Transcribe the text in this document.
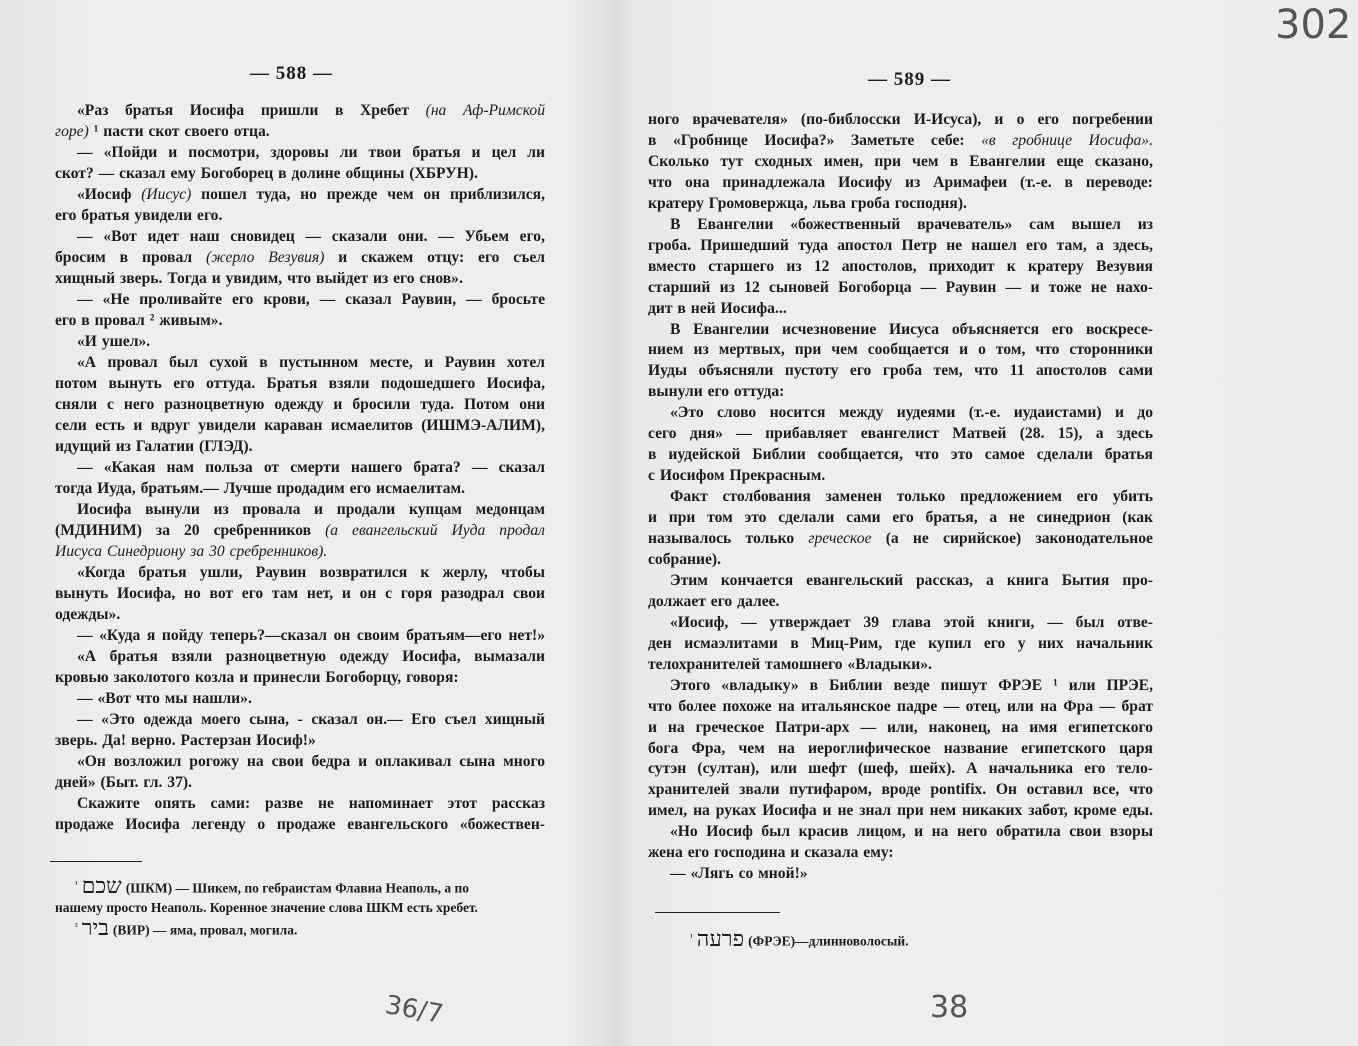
— 588 —	— 589 —
302
36/7	38
«Раз братья Иосифа пришли в Хребет (на Аф-Римской
горе) ¹ пасти скот своего отца.
— «Пойди и посмотри, здоровы ли твои братья и цел ли
скот? — сказал ему Богоборец в долине общины (ХБРУН).
«Иосиф (Иисус) пошел туда, но прежде чем он приблизился,
его братья увидели его.
— «Вот идет наш сновидец — сказали они. — Убьем его,
бросим в провал (жерло Везувия) и скажем отцу: его съел
хищный зверь. Тогда и увидим, что выйдет из его снов».
— «Не проливайте его крови, — сказал Раувин, — бросьте
его в провал ² живым».
«И ушел».
«А провал был сухой в пустынном месте, и Раувин хотел
потом вынуть его оттуда. Братья взяли подошедшего Иосифа,
сняли с него разноцветную одежду и бросили туда. Потом они
сели есть и вдруг увидели караван исмаелитов (ИШМЭ-АЛИМ),
идущий из Галатии (ГЛЭД).
— «Какая нам польза от смерти нашего брата? — сказал
тогда Иуда, братьям.— Лучше продадим его исмаелитам.
Иосифа вынули из провала и продали купцам медонцам
(МДИНИМ) за 20 сребренников (а евангельский Иуда продал
Иисуса Синедриону за 30 сребренников).
«Когда братья ушли, Раувин возвратился к жерлу, чтобы
вынуть Иосифа, но вот его там нет, и он с горя разодрал свои
одежды».
— «Куда я пойду теперь?—сказал он своим братьям—его нет!»
«А братья взяли разноцветную одежду Иосифа, вымазали
кровью заколотого козла и принесли Богоборцу, говоря:
— «Вот что мы нашли».
— «Это одежда моего сына, - сказал он.— Его съел хищный
зверь. Да! верно. Растерзан Иосиф!»
«Он возложил рогожу на свои бедра и оплакивал сына много
дней» (Быт. гл. 37).
Скажите опять сами: разве не напоминает этот рассказ
продаже Иосифа легенду о продаже евангельского «божествен-
ного врачевателя» (по-библосски И-Исуса), и о его погребении
в «Гробнице Иосифа?» Заметьте себе: «в гробнице Иосифа».
Сколько тут сходных имен, при чем в Евангелии еще сказано,
что она принадлежала Иосифу из Аримафеи (т.-е. в переводе:
кратеру Громовержца, льва гроба господня).
В Евангелии «божественный врачеватель» сам вышел из
гроба. Пришедший туда апостол Петр не нашел его там, а здесь,
вместо старшего из 12 апостолов, приходит к кратеру Везувия
старший из 12 сыновей Богоборца — Раувин — и тоже не нахо-
дит в ней Иосифа...
В Евангелии исчезновение Иисуса объясняется его воскресе-
нием из мертвых, при чем сообщается и о том, что сторонники
Иуды объясняли пустоту его гроба тем, что 11 апостолов сами
вынули его оттуда:
«Это слово носится между иудеями (т.-е. иудаистами) и до
сего дня» — прибавляет евангелист Матвей (28. 15), а здесь
в иудейской Библии сообщается, что это самое сделали братья
с Иосифом Прекрасным.
Факт столбования заменен только предложением его убить
и при том это сделали сами его братья, а не синедрион (как
называлось только греческое (а не сирийское) законодательное
собрание).
Этим кончается евангельский рассказ, а книга Бытия про-
должает его далее.
«Иосиф, — утверждает 39 глава этой книги, — был отве-
ден исмаэлитами в Миц-Рим, где купил его у них начальник
телохранителей тамошнего «Владыки».
Этого «владыку» в Библии везде пишут ФРЭЕ ¹ или ПРЭЕ,
что более похоже на итальянское падре — отец, или на Фра — брат
и на греческое Патри-арх — или, наконец, на имя египетского
бога Фра, чем на иероглифическое название египетского царя
сутэн (султан), или шефт (шеф, шейх). А начальника его тело-
хранителей звали путифаром, вроде pontifix. Он оставил все, что
имел, на руках Иосифа и не знал при нем никаких забот, кроме еды.
«Но Иосиф был красив лицом, и на него обратила свои взоры
жена его господина и сказала ему:
— «Лягь со мной!»
$^{^1}$ שכם (ШКМ) — Шикем, по гебраистам Флавиа Неаполь, а по
нашему просто Неаполь. Коренное значение слова ШКМ есть хребет.
$^{^2}$ ביר (ВИР) — яма, провал, могила.	$^{^1}$ פרעה (ФРЭЕ)—длинноволосый.
